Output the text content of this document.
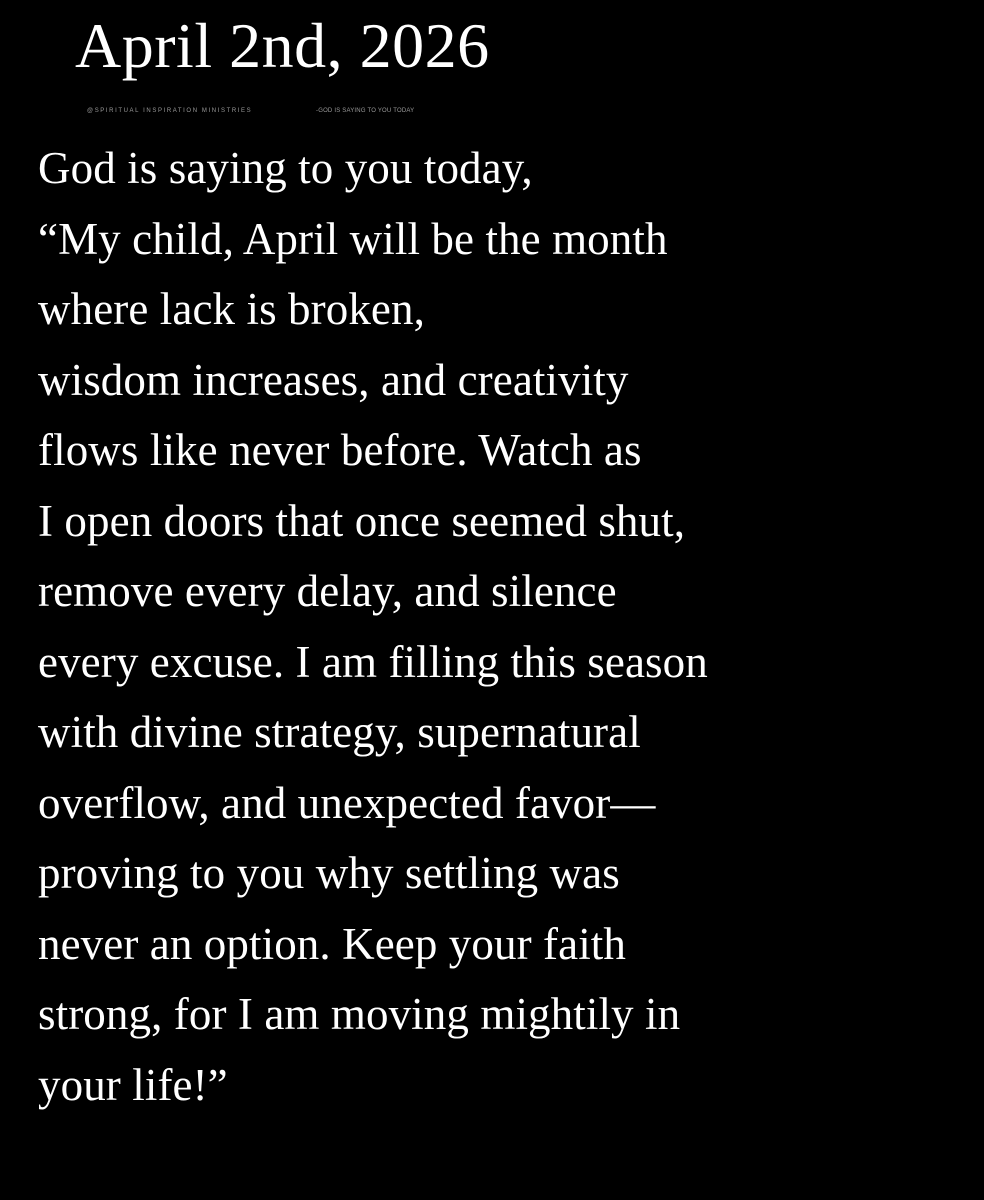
April 2nd, 2026

@SPIRITUAL INSPIRATION MINISTRIES	-GOD IS SAYING TO YOU TODAY

God is saying to you today,
“My child, April will be the month
where lack is broken,
wisdom increases, and creativity
flows like never before. Watch as
I open doors that once seemed shut,
remove every delay, and silence
every excuse. I am filling this season
with divine strategy, supernatural
overflow, and unexpected favor—
proving to you why settling was
never an option. Keep your faith
strong, for I am moving mightily in
your life!”
